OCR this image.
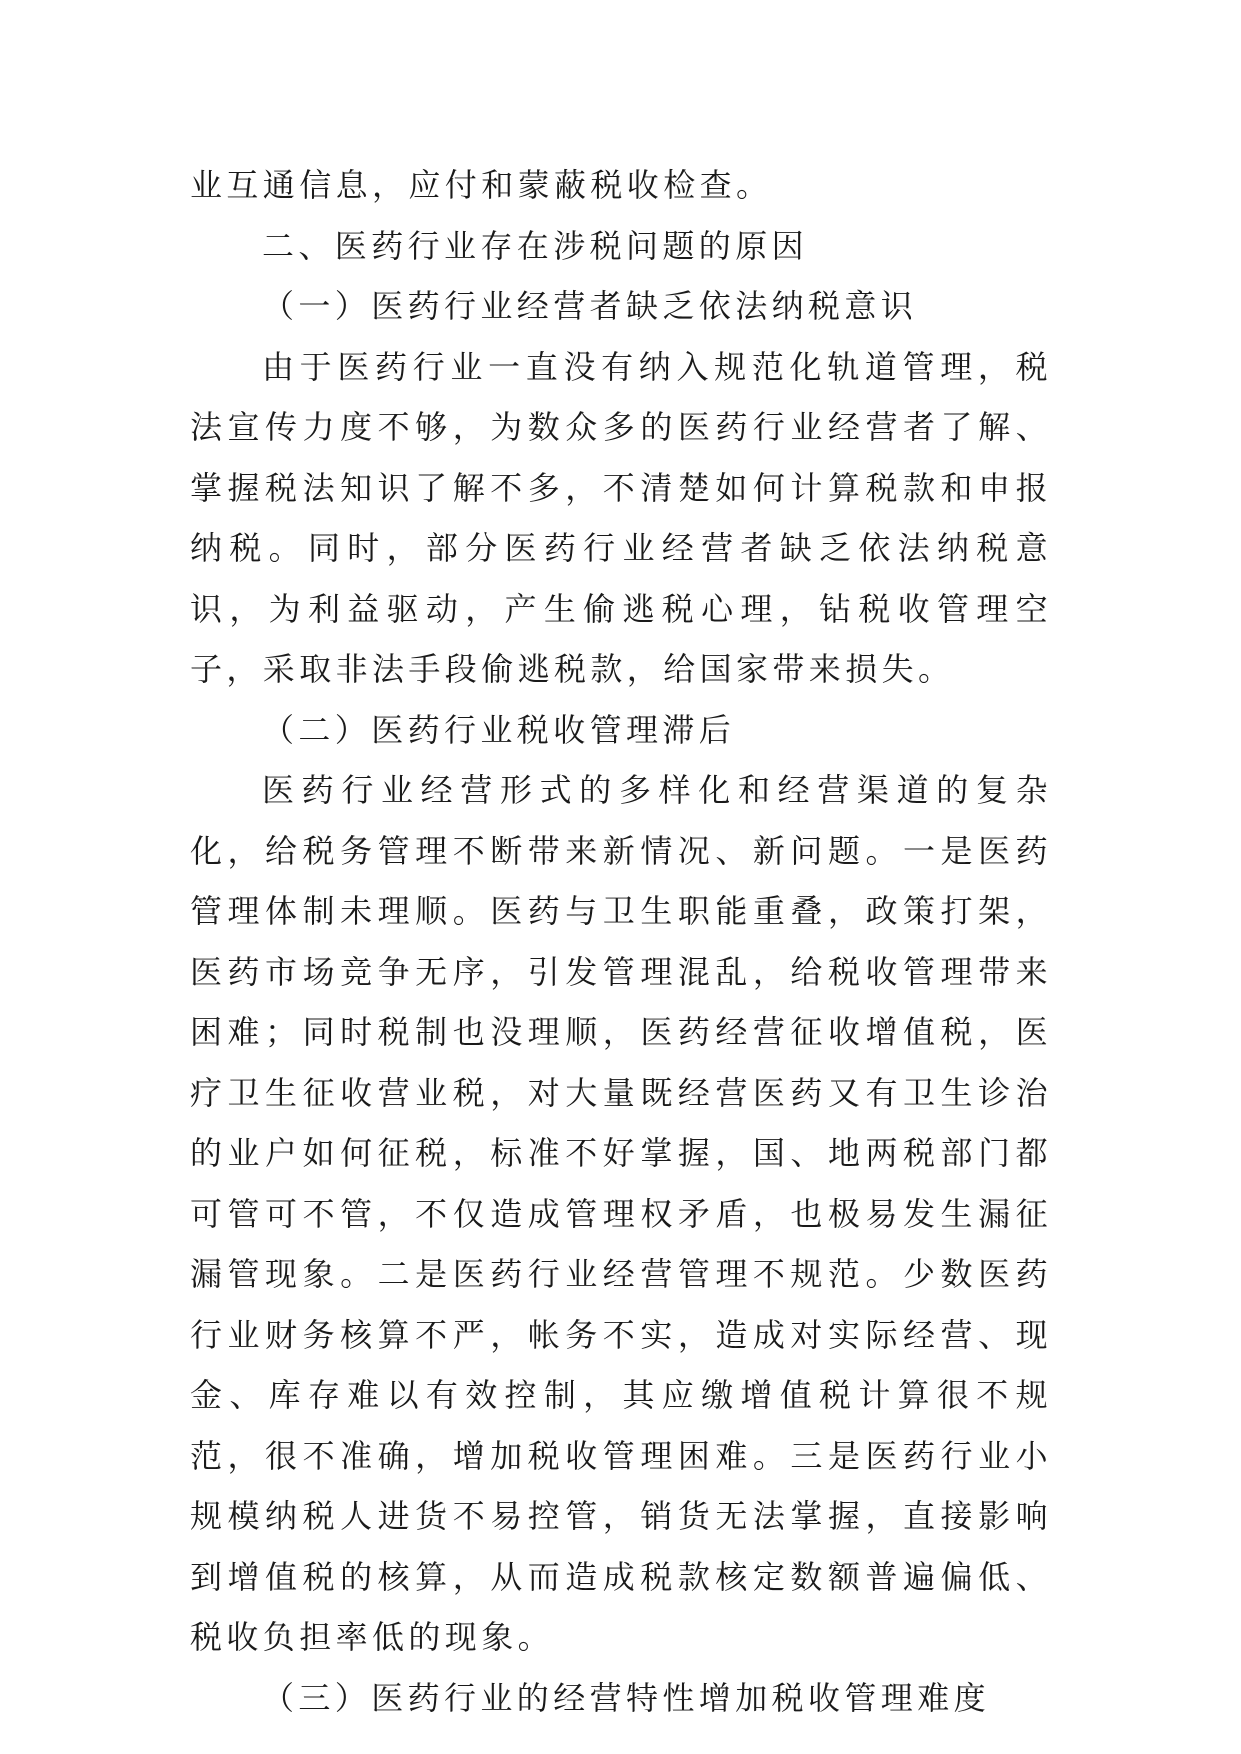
业互通信息，应付和蒙蔽税收检查。

二、医药行业存在涉税问题的原因

（一）医药行业经营者缺乏依法纳税意识

由于医药行业一直没有纳入规范化轨道管理，税法宣传力度不够，为数众多的医药行业经营者了解、掌握税法知识了解不多，不清楚如何计算税款和申报纳税。同时，部分医药行业经营者缺乏依法纳税意识，为利益驱动，产生偷逃税心理，钻税收管理空子，采取非法手段偷逃税款，给国家带来损失。

（二）医药行业税收管理滞后

医药行业经营形式的多样化和经营渠道的复杂化，给税务管理不断带来新情况、新问题。一是医药管理体制未理顺。医药与卫生职能重叠，政策打架，医药市场竞争无序，引发管理混乱，给税收管理带来困难；同时税制也没理顺，医药经营征收增值税，医疗卫生征收营业税，对大量既经营医药又有卫生诊治的业户如何征税，标准不好掌握，国、地两税部门都可管可不管，不仅造成管理权矛盾，也极易发生漏征漏管现象。二是医药行业经营管理不规范。少数医药行业财务核算不严，帐务不实，造成对实际经营、现金、库存难以有效控制，其应缴增值税计算很不规范，很不准确，增加税收管理困难。三是医药行业小规模纳税人进货不易控管，销货无法掌握，直接影响到增值税的核算，从而造成税款核定数额普遍偏低、税收负担率低的现象。

（三）医药行业的经营特性增加税收管理难度
